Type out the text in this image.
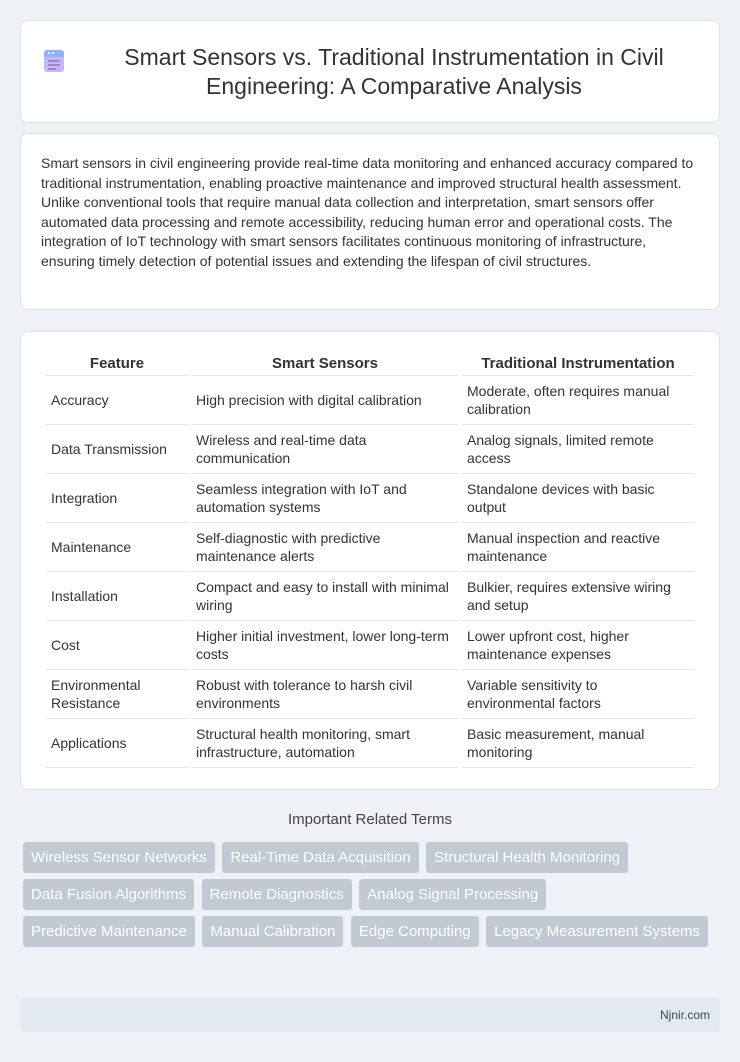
Smart Sensors vs. Traditional Instrumentation in Civil Engineering: A Comparative Analysis

Smart sensors in civil engineering provide real-time data monitoring and enhanced accuracy compared to traditional instrumentation, enabling proactive maintenance and improved structural health assessment. Unlike conventional tools that require manual data collection and interpretation, smart sensors offer automated data processing and remote accessibility, reducing human error and operational costs. The integration of IoT technology with smart sensors facilitates continuous monitoring of infrastructure, ensuring timely detection of potential issues and extending the lifespan of civil structures.

Feature	Smart Sensors	Traditional Instrumentation
Accuracy	High precision with digital calibration	Moderate, often requires manual calibration
Data Transmission	Wireless and real-time data communication	Analog signals, limited remote access
Integration	Seamless integration with IoT and automation systems	Standalone devices with basic output
Maintenance	Self-diagnostic with predictive maintenance alerts	Manual inspection and reactive maintenance
Installation	Compact and easy to install with minimal wiring	Bulkier, requires extensive wiring and setup
Cost	Higher initial investment, lower long-term costs	Lower upfront cost, higher maintenance expenses
Environmental Resistance	Robust with tolerance to harsh civil environments	Variable sensitivity to environmental factors
Applications	Structural health monitoring, smart infrastructure, automation	Basic measurement, manual monitoring
Important Related Terms
Wireless Sensor Networks Real-Time Data Acquisition Structural Health Monitoring Data Fusion Algorithms Remote Diagnostics Analog Signal Processing Predictive Maintenance Manual Calibration Edge Computing Legacy Measurement Systems
Njnir.com
